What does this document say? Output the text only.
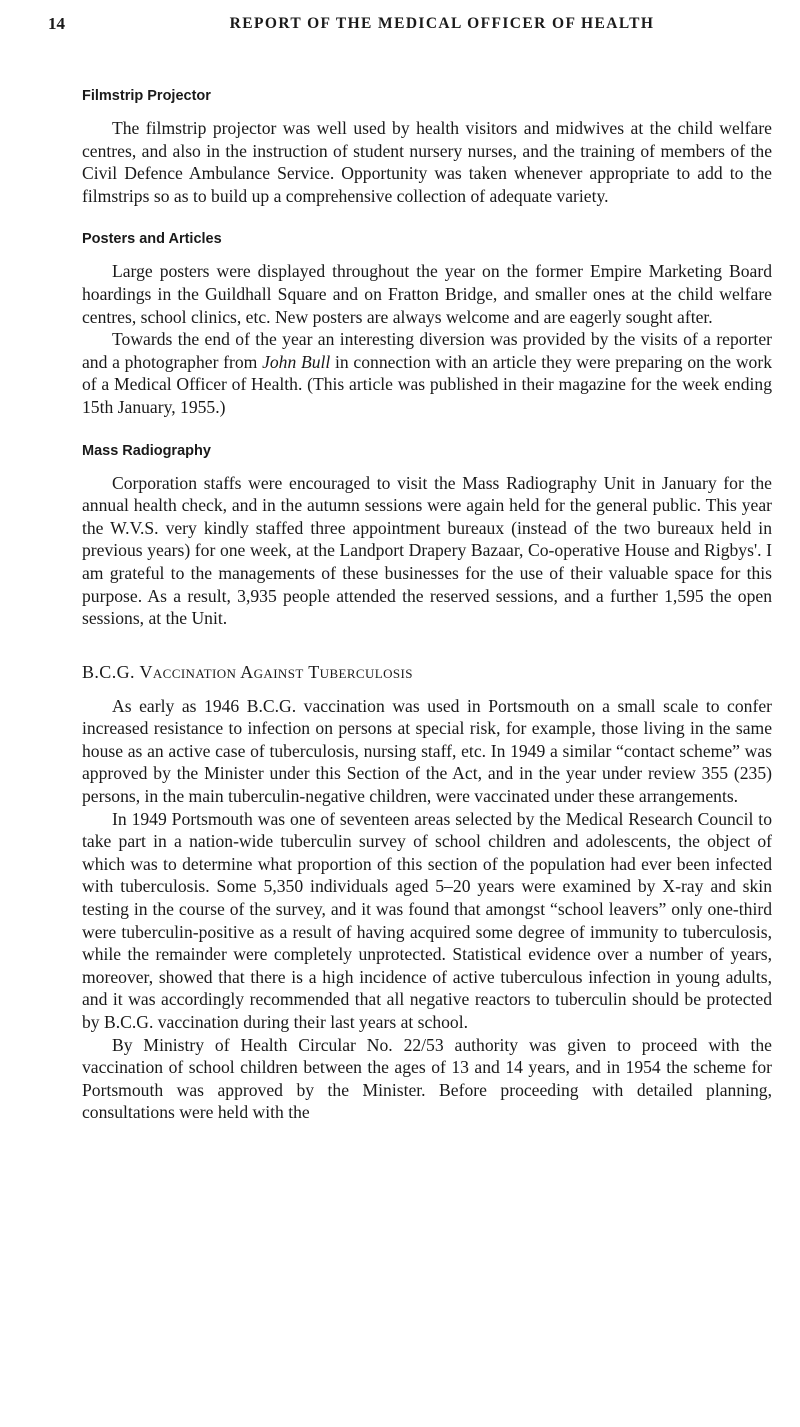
14	REPORT OF THE MEDICAL OFFICER OF HEALTH
Filmstrip Projector

The filmstrip projector was well used by health visitors and midwives at the child welfare centres, and also in the instruction of student nursery nurses, and the training of members of the Civil Defence Ambulance Service. Opportunity was taken whenever appropriate to add to the filmstrips so as to build up a comprehensive collection of adequate variety.

Posters and Articles

Large posters were displayed throughout the year on the former Empire Marketing Board hoardings in the Guildhall Square and on Fratton Bridge, and smaller ones at the child welfare centres, school clinics, etc. New posters are always welcome and are eagerly sought after.

Towards the end of the year an interesting diversion was provided by the visits of a reporter and a photographer from John Bull in connection with an article they were preparing on the work of a Medical Officer of Health. (This article was published in their magazine for the week ending 15th January, 1955.)

Mass Radiography

Corporation staffs were encouraged to visit the Mass Radiography Unit in January for the annual health check, and in the autumn sessions were again held for the general public. This year the W.V.S. very kindly staffed three appointment bureaux (instead of the two bureaux held in previous years) for one week, at the Landport Drapery Bazaar, Co-operative House and Rigbys'. I am grateful to the managements of these businesses for the use of their valuable space for this purpose. As a result, 3,935 people attended the reserved sessions, and a further 1,595 the open sessions, at the Unit.

B.C.G. Vaccination Against Tuberculosis

As early as 1946 B.C.G. vaccination was used in Portsmouth on a small scale to confer increased resistance to infection on persons at special risk, for example, those living in the same house as an active case of tuberculosis, nursing staff, etc. In 1949 a similar “contact scheme” was approved by the Minister under this Section of the Act, and in the year under review 355 (235) persons, in the main tuberculin-negative children, were vaccinated under these arrangements.

In 1949 Portsmouth was one of seventeen areas selected by the Medical Research Council to take part in a nation-wide tuberculin survey of school children and adolescents, the object of which was to determine what proportion of this section of the population had ever been infected with tuberculosis. Some 5,350 individuals aged 5–20 years were examined by X-ray and skin testing in the course of the survey, and it was found that amongst “school leavers” only one-third were tuberculin-positive as a result of having acquired some degree of immunity to tuberculosis, while the remainder were completely unprotected. Statistical evidence over a number of years, moreover, showed that there is a high incidence of active tuberculous infection in young adults, and it was accordingly recommended that all negative reactors to tuberculin should be protected by B.C.G. vaccination during their last years at school.

By Ministry of Health Circular No. 22/53 authority was given to proceed with the vaccination of school children between the ages of 13 and 14 years, and in 1954 the scheme for Portsmouth was approved by the Minister. Before proceeding with detailed planning, consultations were held with the
